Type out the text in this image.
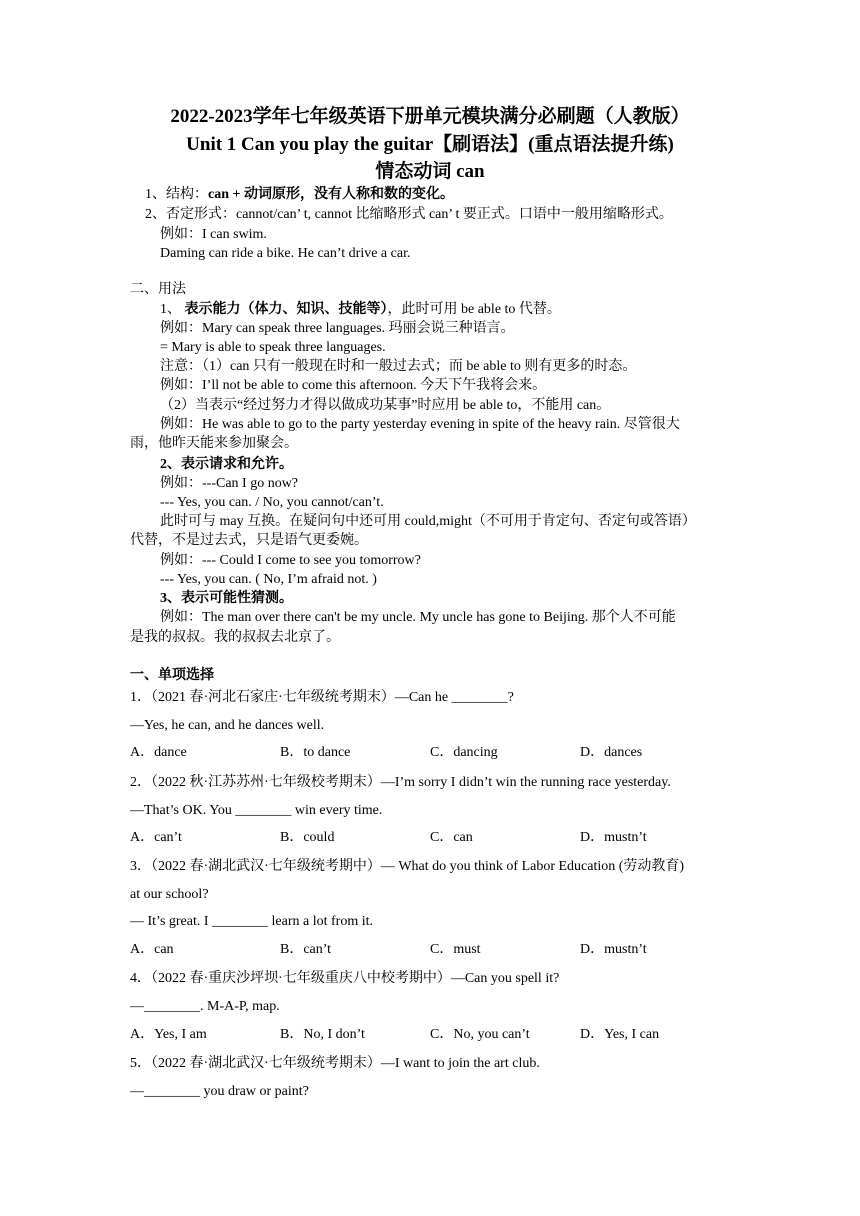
2022-2023学年七年级英语下册单元模块满分必刷题（人教版）
Unit 1 Can you play the guitar【刷语法】(重点语法提升练)
情态动词 can
1、结构：can + 动词原形，没有人称和数的变化。
2、否定形式：cannot/can’ t, cannot 比缩略形式 can’ t 要正式。口语中一般用缩略形式。
例如：I can swim.
Daming can ride a bike. He can’t drive a car.
二、用法
1、 表示能力（体力、知识、技能等），此时可用 be able to 代替。
例如：Mary can speak three languages. 玛丽会说三种语言。
= Mary is able to speak three languages.
注意：（1）can 只有一般现在时和一般过去式；而 be able to 则有更多的时态。
例如：I’ll not be able to come this afternoon. 今天下午我将会来。
（2）当表示“经过努力才得以做成功某事”时应用 be able to，不能用 can。
例如：He was able to go to the party yesterday evening in spite of the heavy rain. 尽管很大
雨，他昨天能来参加聚会。
2、表示请求和允许。
例如：---Can I go now?
--- Yes, you can. / No, you cannot/can’t.
此时可与 may 互换。在疑问句中还可用 could,might（不可用于肯定句、否定句或答语）
代替，不是过去式，只是语气更委婉。
例如：--- Could I come to see you tomorrow?
--- Yes, you can. ( No, I’m afraid not. )
3、表示可能性猜测。
例如：The man over there can't be my uncle. My uncle has gone to Beijing. 那个人不可能
是我的叔叔。我的叔叔去北京了。
一、单项选择
1．（2021 春·河北石家庄·七年级统考期末）—Can he ________?
—Yes, he can, and he dances well.
A．dance	B．to dance	C．dancing	D．dances
2．（2022 秋·江苏苏州·七年级校考期末）—I’m sorry I didn’t win the running race yesterday.
—That’s OK. You ________ win every time.
A．can’t	B．could	C．can	D．mustn’t
3．（2022 春·湖北武汉·七年级统考期中）— What do you think of Labor Education (劳动教育)
at our school?
— It’s great. I ________ learn a lot from it.
A．can	B．can’t	C．must	D．mustn’t
4．（2022 春·重庆沙坪坝·七年级重庆八中校考期中）—Can you spell it?
—________. M-A-P, map.
A．Yes, I am	B．No, I don’t	C．No, you can’t	D．Yes, I can
5．（2022 春·湖北武汉·七年级统考期末）—I want to join the art club.
—________ you draw or paint?
